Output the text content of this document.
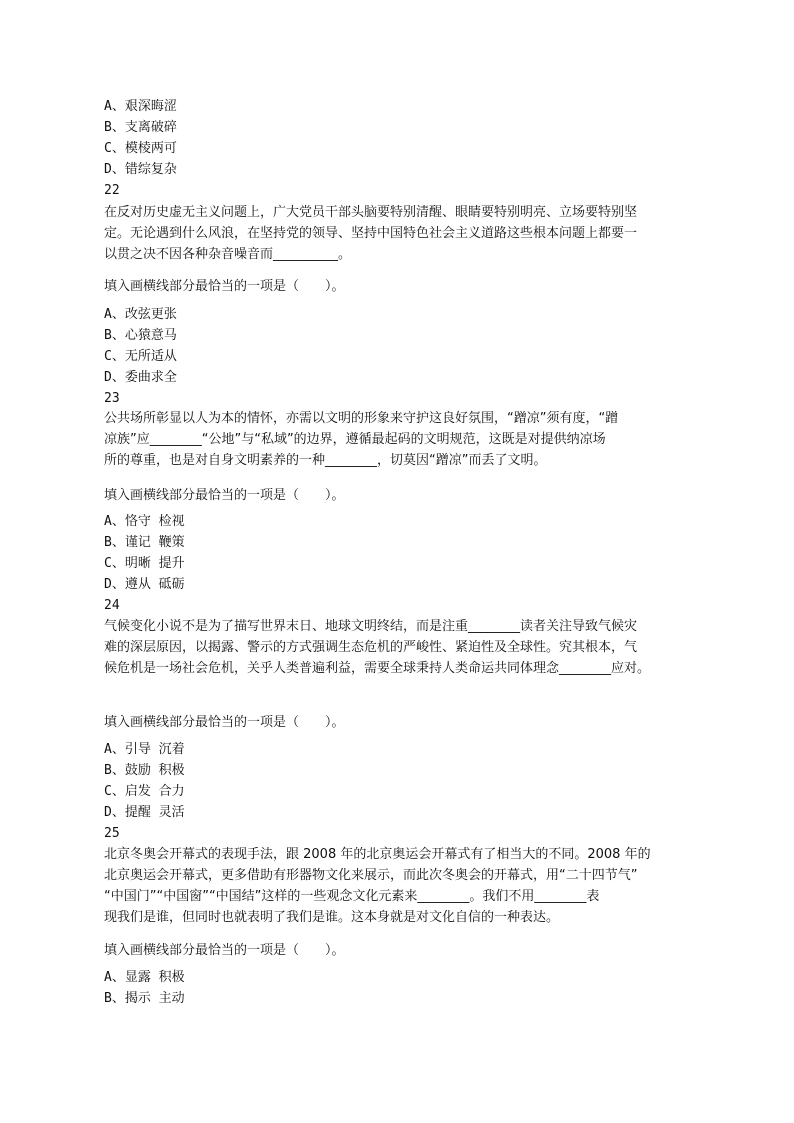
A、艰深晦涩
B、支离破碎
C、模棱两可
D、错综复杂
22
在反对历史虚无主义问题上，广大党员干部头脑要特别清醒、眼睛要特别明亮、立场要特别坚
定。无论遇到什么风浪，在坚持党的领导、坚持中国特色社会主义道路这些根本问题上都要一
以贯之决不因各种杂音噪音而__________。
填入画横线部分最恰当的一项是（　　）。
A、改弦更张
B、心猿意马
C、无所适从
D、委曲求全
23
公共场所彰显以人为本的情怀，亦需以文明的形象来守护这良好氛围，“蹭凉”须有度，“蹭
凉族”应________“公地”与“私域”的边界，遵循最起码的文明规范，这既是对提供纳凉场
所的尊重，也是对自身文明素养的一种________，切莫因“蹭凉”而丢了文明。
填入画横线部分最恰当的一项是（　　）。
A、恪守 检视
B、谨记 鞭策
C、明晰 提升
D、遵从 砥砺
24
气候变化小说不是为了描写世界末日、地球文明终结，而是注重________读者关注导致气候灾
难的深层原因，以揭露、警示的方式强调生态危机的严峻性、紧迫性及全球性。究其根本，气
候危机是一场社会危机，关乎人类普遍利益，需要全球秉持人类命运共同体理念________应对。
填入画横线部分最恰当的一项是（　　）。
A、引导 沉着
B、鼓励 积极
C、启发 合力
D、提醒 灵活
25
北京冬奥会开幕式的表现手法，跟 2008 年的北京奥运会开幕式有了相当大的不同。2008 年的
北京奥运会开幕式，更多借助有形器物文化来展示，而此次冬奥会的开幕式，用“二十四节气”
“中国门”“中国窗”“中国结”这样的一些观念文化元素来________。我们不用________表
现我们是谁，但同时也就表明了我们是谁。这本身就是对文化自信的一种表达。
填入画横线部分最恰当的一项是（　　）。
A、显露 积极
B、揭示 主动
